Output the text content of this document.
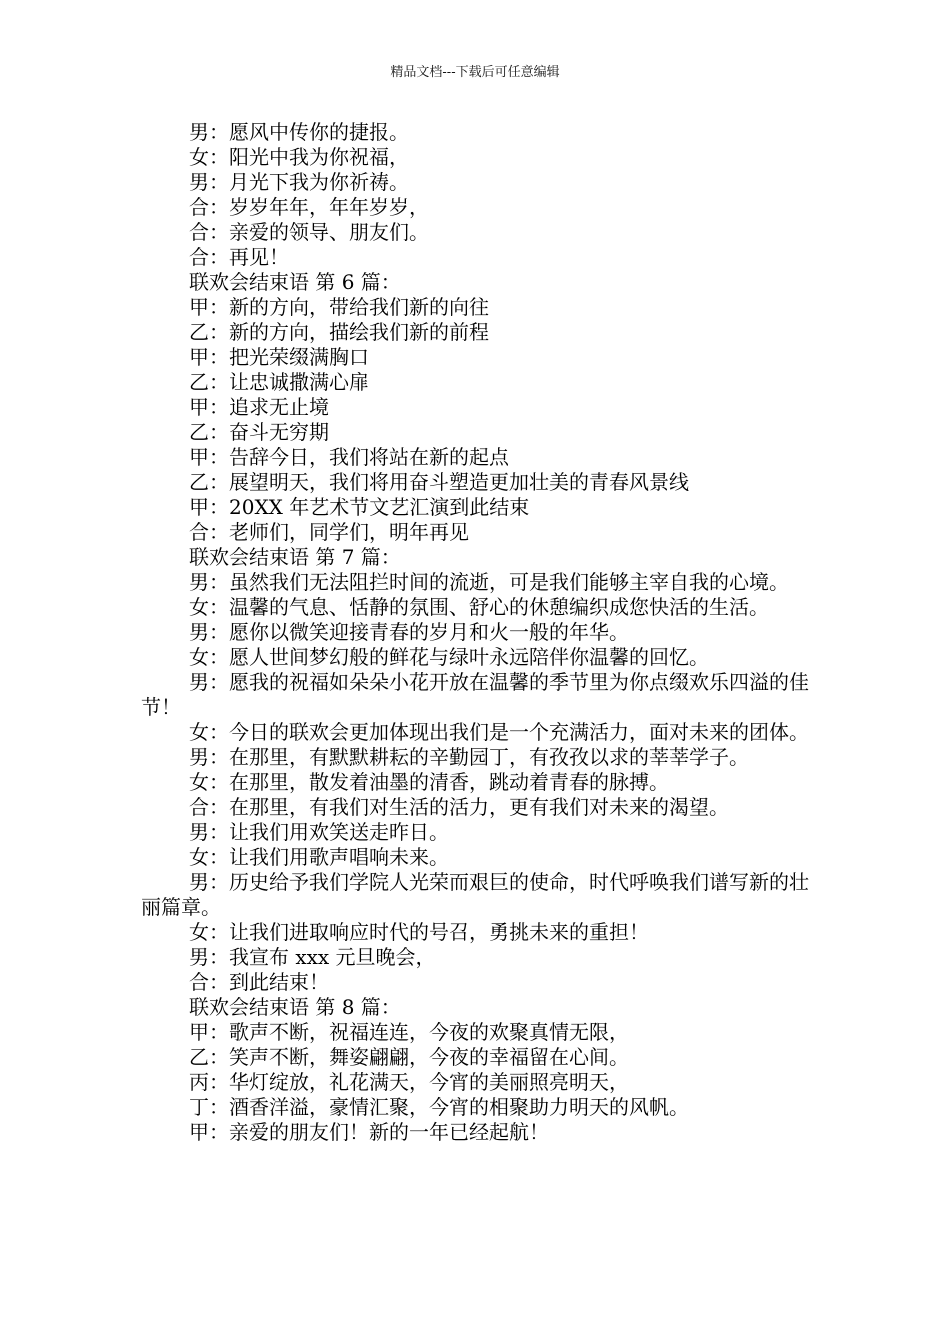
精品文档---下载后可任意编辑
男：愿风中传你的捷报。
女：阳光中我为你祝福，
男：月光下我为你祈祷。
合：岁岁年年，年年岁岁，
合：亲爱的领导、朋友们。
合：再见！
联欢会结束语 第 6 篇：
甲：新的方向，带给我们新的向往
乙：新的方向，描绘我们新的前程
甲：把光荣缀满胸口
乙：让忠诚撒满心扉
甲：追求无止境
乙：奋斗无穷期
甲：告辞今日，我们将站在新的起点
乙：展望明天，我们将用奋斗塑造更加壮美的青春风景线
甲：20XX 年艺术节文艺汇演到此结束
合：老师们，同学们，明年再见
联欢会结束语 第 7 篇：
男：虽然我们无法阻拦时间的流逝，可是我们能够主宰自我的心境。
女：温馨的气息、恬静的氛围、舒心的休憩编织成您快活的生活。
男：愿你以微笑迎接青春的岁月和火一般的年华。
女：愿人世间梦幻般的鲜花与绿叶永远陪伴你温馨的回忆。
男：愿我的祝福如朵朵小花开放在温馨的季节里为你点缀欢乐四溢的佳节！
女：今日的联欢会更加体现出我们是一个充满活力，面对未来的团体。
男：在那里，有默默耕耘的辛勤园丁，有孜孜以求的莘莘学子。
女：在那里，散发着油墨的清香，跳动着青春的脉搏。
合：在那里，有我们对生活的活力，更有我们对未来的渴望。
男：让我们用欢笑送走昨日。
女：让我们用歌声唱响未来。
男：历史给予我们学院人光荣而艰巨的使命，时代呼唤我们谱写新的壮丽篇章。
女：让我们进取响应时代的号召，勇挑未来的重担！
男：我宣布 xxx 元旦晚会，
合：到此结束！
联欢会结束语 第 8 篇：
甲：歌声不断，祝福连连，今夜的欢聚真情无限，
乙：笑声不断，舞姿翩翩，今夜的幸福留在心间。
丙：华灯绽放，礼花满天，今宵的美丽照亮明天，
丁：酒香洋溢，豪情汇聚，今宵的相聚助力明天的风帆。
甲：亲爱的朋友们！新的一年已经起航！
